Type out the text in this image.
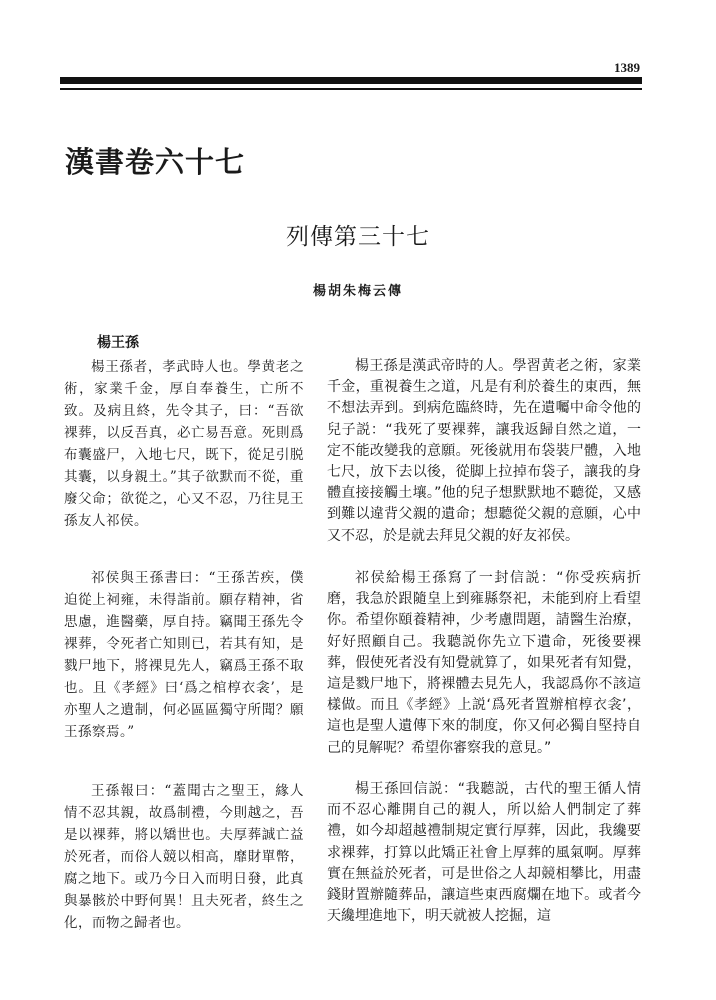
1389
漢書卷六十七
列傳第三十七
楊胡朱梅云傳
楊王孫
楊王孫者，孝武時人也。學黄老之術，家業千金，厚自奉養生，亡所不致。及病且終，先令其子，曰：“吾欲裸葬，以反吾真，必亡易吾意。死則爲布囊盛尸，入地七尺，既下，從足引脱其囊，以身親土。”其子欲默而不從，重廢父命；欲從之，心又不忍，乃往見王孫友人祁侯。
祁侯與王孫書曰：“王孫苦疾，僕迫從上祠雍，未得詣前。願存精神，省思慮，進醫藥，厚自持。竊聞王孫先令裸葬，令死者亡知則已，若其有知，是戮尸地下，將裸見先人，竊爲王孫不取也。且《孝經》曰‘爲之棺椁衣衾’，是亦聖人之遺制，何必區區獨守所聞？願王孫察焉。”
王孫報曰：“蓋聞古之聖王，緣人情不忍其親，故爲制禮，今則越之，吾是以裸葬，將以矯世也。夫厚葬誠亡益於死者，而俗人競以相高，靡財單幣，腐之地下。或乃今日入而明日發，此真與暴骸於中野何異！且夫死者，終生之化，而物之歸者也。
楊王孫是漢武帝時的人。學習黄老之術，家業千金，重視養生之道，凡是有利於養生的東西，無不想法弄到。到病危臨終時，先在遺囑中命令他的兒子説：“我死了要裸葬，讓我返歸自然之道，一定不能改變我的意願。死後就用布袋裝尸體，入地七尺，放下去以後，從脚上拉掉布袋子，讓我的身體直接接觸土壤。”他的兒子想默默地不聽從，又感到難以違背父親的遺命；想聽從父親的意願，心中又不忍，於是就去拜見父親的好友祁侯。
祁侯給楊王孫寫了一封信説：“你受疾病折磨，我急於跟隨皇上到雍縣祭祀，未能到府上看望你。希望你頤養精神，少考慮問題，請醫生治療，好好照顧自己。我聽説你先立下遺命，死後要裸葬，假使死者没有知覺就算了，如果死者有知覺，這是戮尸地下，將裸體去見先人，我認爲你不該這樣做。而且《孝經》上説‘爲死者置辦棺椁衣衾’，這也是聖人遺傳下來的制度，你又何必獨自堅持自己的見解呢？希望你審察我的意見。”
楊王孫回信説：“我聽説，古代的聖王循人情而不忍心離開自己的親人，所以給人們制定了葬禮，如今却超越禮制規定實行厚葬，因此，我纔要求裸葬，打算以此矯正社會上厚葬的風氣啊。厚葬實在無益於死者，可是世俗之人却競相攀比，用盡錢財置辦隨葬品，讓這些東西腐爛在地下。或者今天纔埋進地下，明天就被人挖掘，這
